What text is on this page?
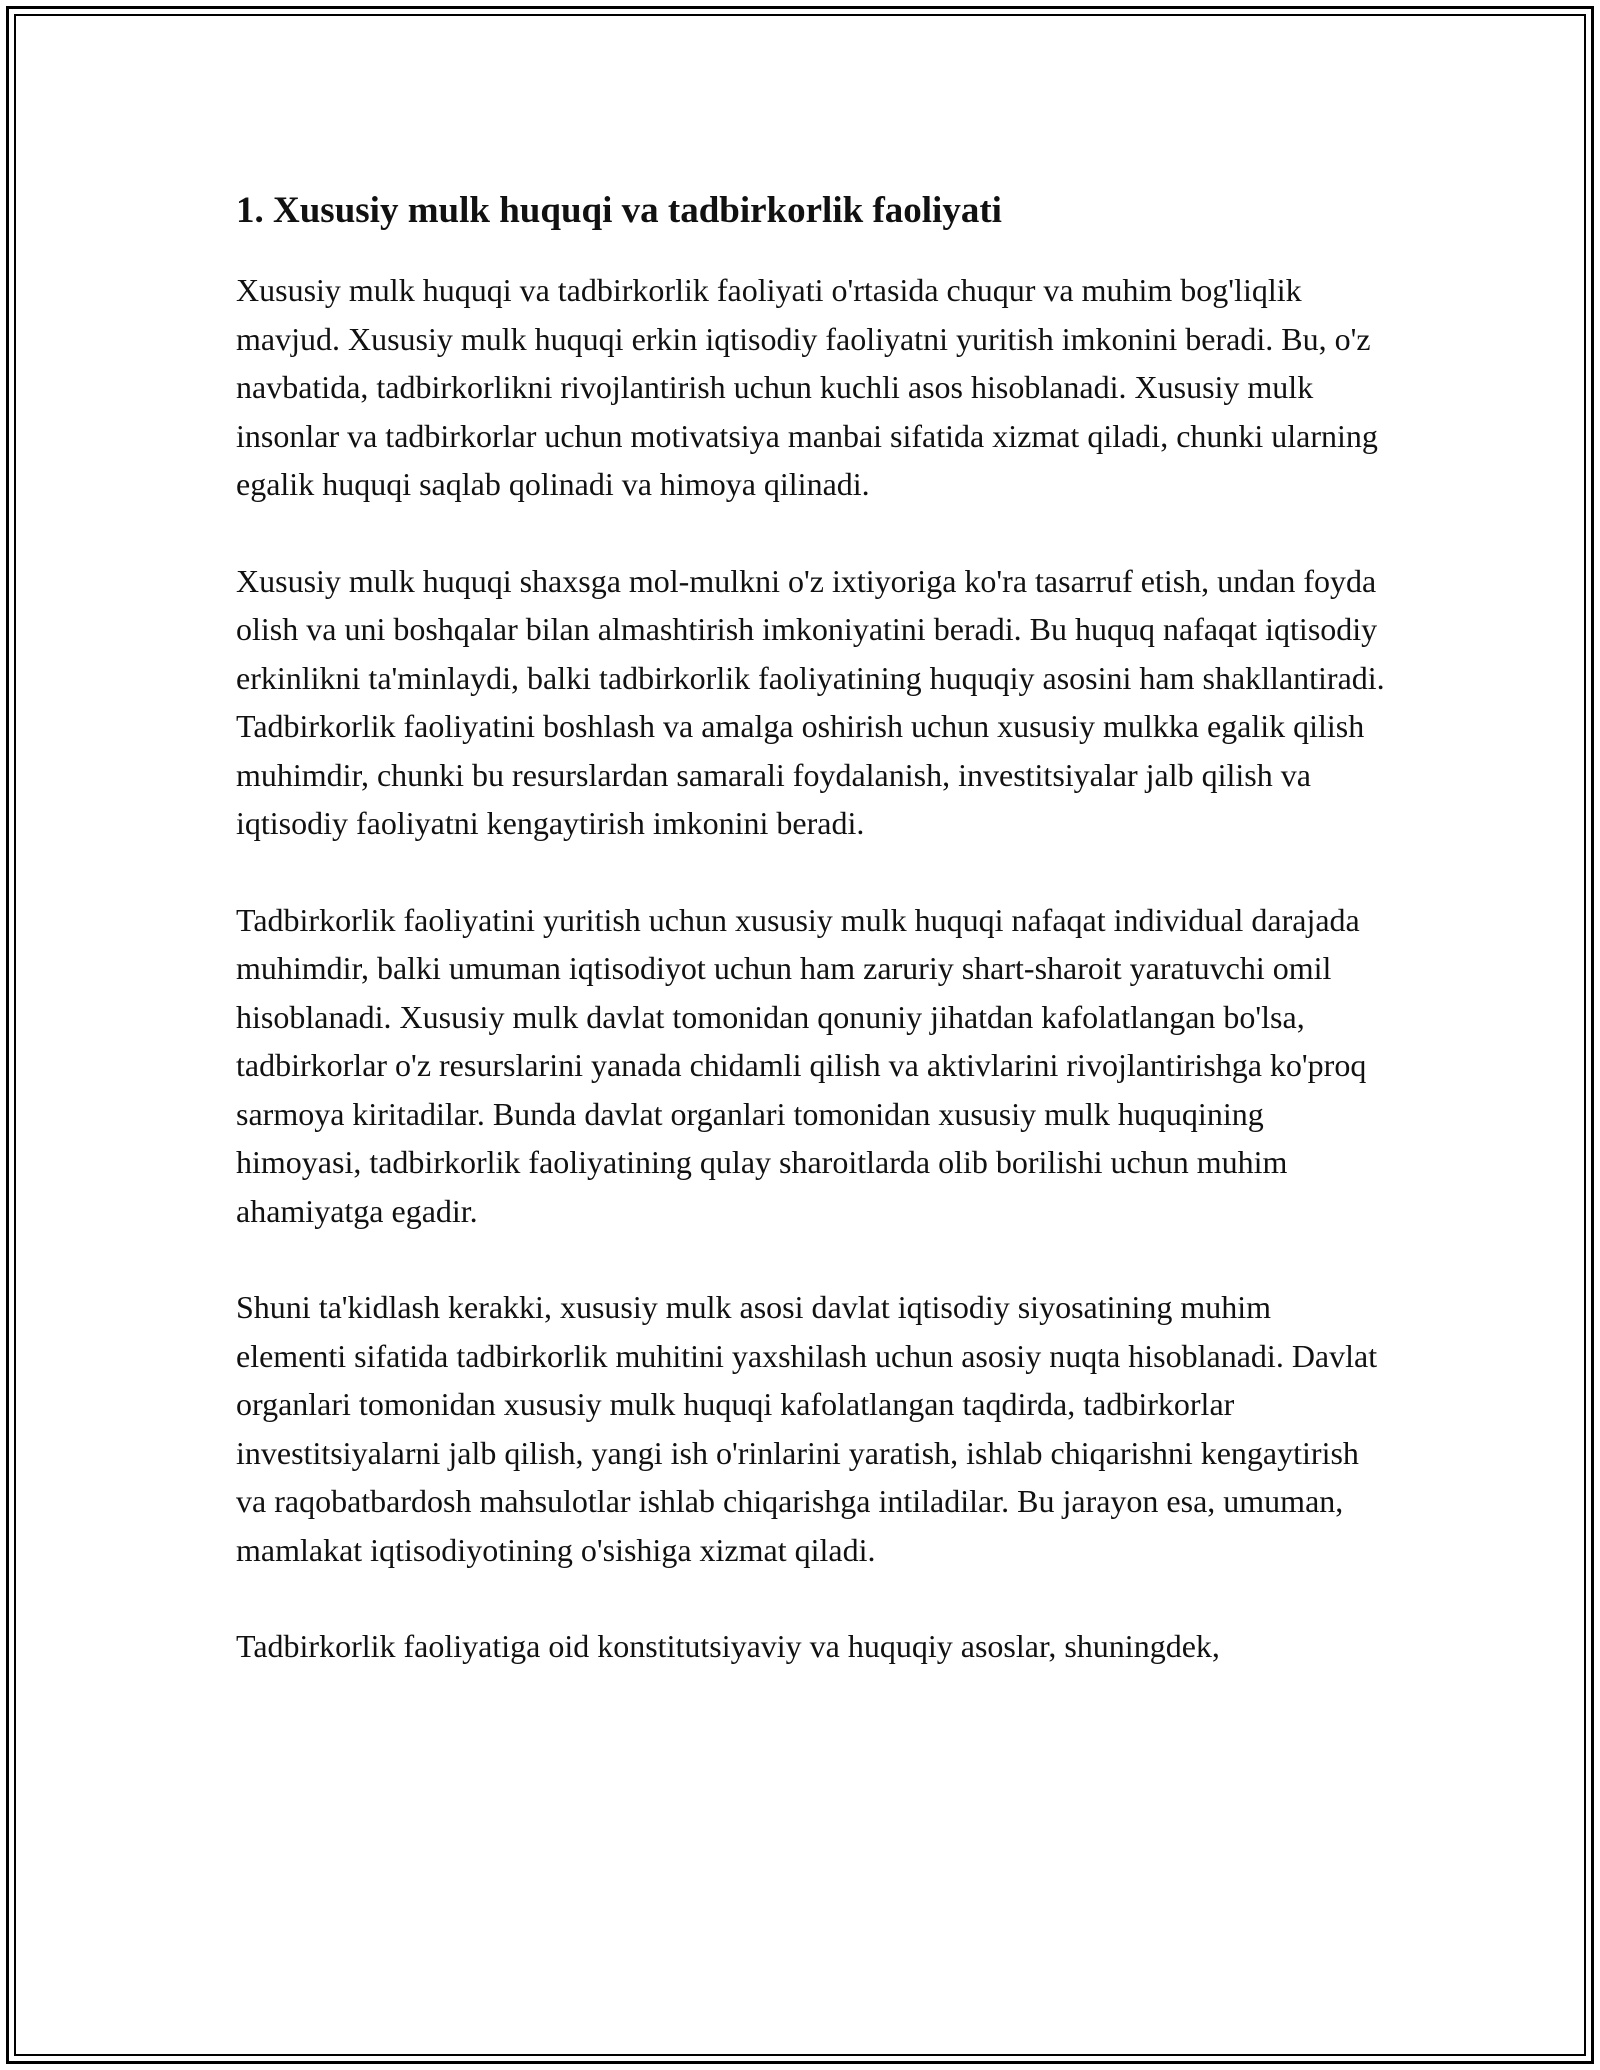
1. Xususiy mulk huquqi va tadbirkorlik faoliyati

Xususiy mulk huquqi va tadbirkorlik faoliyati o'rtasida chuqur va muhim bog'liqlik mavjud. Xususiy mulk huquqi erkin iqtisodiy faoliyatni yuritish imkonini beradi. Bu, o'z navbatida, tadbirkorlikni rivojlantirish uchun kuchli asos hisoblanadi. Xususiy mulk insonlar va tadbirkorlar uchun motivatsiya manbai sifatida xizmat qiladi, chunki ularning egalik huquqi saqlab qolinadi va himoya qilinadi.

Xususiy mulk huquqi shaxsga mol-mulkni o'z ixtiyoriga ko'ra tasarruf etish, undan foyda olish va uni boshqalar bilan almashtirish imkoniyatini beradi. Bu huquq nafaqat iqtisodiy erkinlikni ta'minlaydi, balki tadbirkorlik faoliyatining huquqiy asosini ham shakllantiradi. Tadbirkorlik faoliyatini boshlash va amalga oshirish uchun xususiy mulkka egalik qilish muhimdir, chunki bu resurslardan samarali foydalanish, investitsiyalar jalb qilish va iqtisodiy faoliyatni kengaytirish imkonini beradi.

Tadbirkorlik faoliyatini yuritish uchun xususiy mulk huquqi nafaqat individual darajada muhimdir, balki umuman iqtisodiyot uchun ham zaruriy shart-sharoit yaratuvchi omil hisoblanadi. Xususiy mulk davlat tomonidan qonuniy jihatdan kafolatlangan bo'lsa, tadbirkorlar o'z resurslarini yanada chidamli qilish va aktivlarini rivojlantirishga ko'proq sarmoya kiritadilar. Bunda davlat organlari tomonidan xususiy mulk huquqining himoyasi, tadbirkorlik faoliyatining qulay sharoitlarda olib borilishi uchun muhim ahamiyatga egadir.

Shuni ta'kidlash kerakki, xususiy mulk asosi davlat iqtisodiy siyosatining muhim elementi sifatida tadbirkorlik muhitini yaxshilash uchun asosiy nuqta hisoblanadi. Davlat organlari tomonidan xususiy mulk huquqi kafolatlangan taqdirda, tadbirkorlar investitsiyalarni jalb qilish, yangi ish o'rinlarini yaratish, ishlab chiqarishni kengaytirish va raqobatbardosh mahsulotlar ishlab chiqarishga intiladilar. Bu jarayon esa, umuman, mamlakat iqtisodiyotining o'sishiga xizmat qiladi.

Tadbirkorlik faoliyatiga oid konstitutsiyaviy va huquqiy asoslar, shuningdek,
